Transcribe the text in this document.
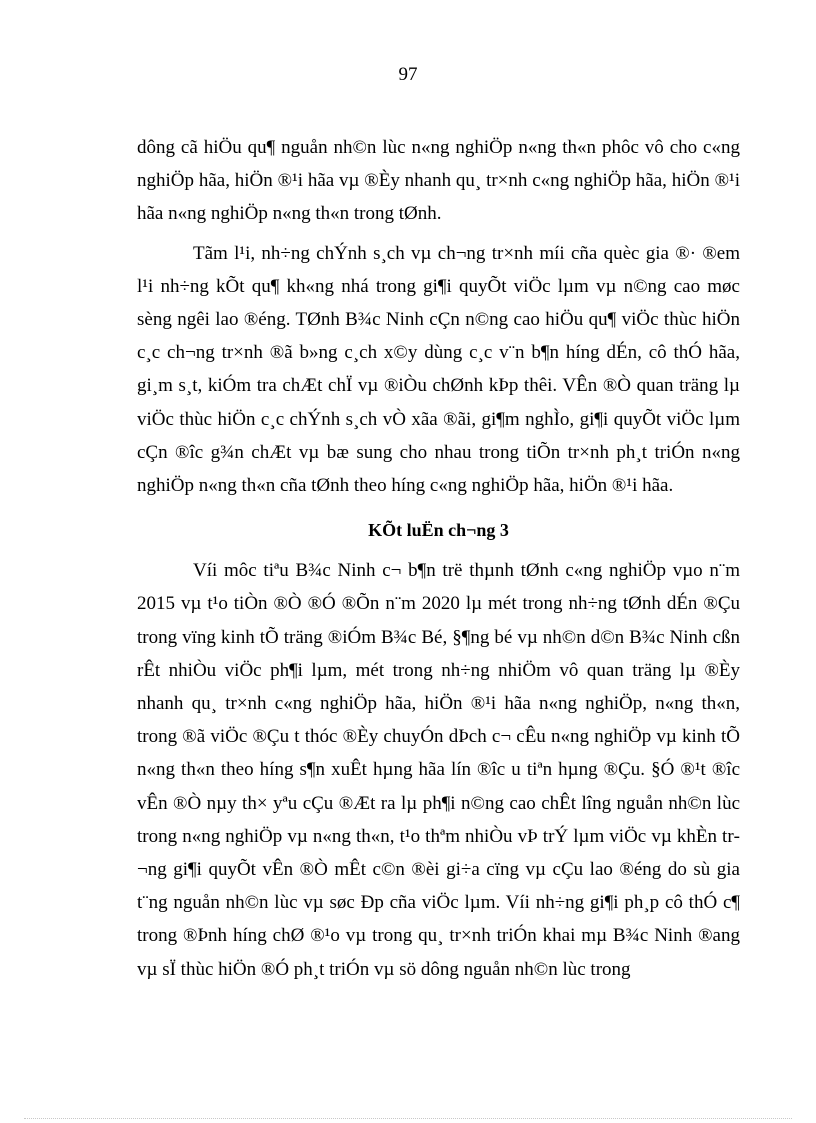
97

dông cã hiÖu qu¶ nguån nh©n lùc n«ng nghiÖp n«ng th«n phôc vô cho c«ng nghiÖp hãa, hiÖn ®¹i hãa vµ ®Èy nhanh qu¸ tr×nh c«ng nghiÖp hãa, hiÖn ®¹i hãa n«ng nghiÖp n«ng th«n trong tØnh.

Tãm l¹i, nh÷ng chÝnh s¸ch vµ ch¬ng tr×nh míi cña quèc gia ®· ®em l¹i nh÷ng kÕt qu¶ kh«ng nhá trong gi¶i quyÕt viÖc lµm vµ n©ng cao møc sèng ngêi lao ®éng. TØnh B¾c Ninh cÇn n©ng cao hiÖu qu¶ viÖc thùc hiÖn c¸c ch¬ng tr×nh ®ã b»ng c¸ch x©y dùng c¸c v¨n b¶n híng dÉn, cô thÓ hãa, gi¸m s¸t, kiÓm tra chÆt chÏ vµ ®iÒu chØnh kÞp thêi. VÊn ®Ò quan träng lµ viÖc thùc hiÖn c¸c chÝnh s¸ch vÒ xãa ®ãi, gi¶m nghÌo, gi¶i quyÕt viÖc lµm cÇn ®îc g¾n chÆt vµ bæ sung cho nhau trong tiÕn tr×nh ph¸t triÓn n«ng nghiÖp n«ng th«n cña tØnh theo híng c«ng nghiÖp hãa, hiÖn ®¹i hãa.

KÕt luËn ch¬ng 3

Víi môc tiªu B¾c Ninh c¬ b¶n trë thµnh tØnh c«ng nghiÖp vµo n¨m 2015 vµ t¹o tiÒn ®Ò ®Ó ®Õn n¨m 2020 lµ mét trong nh÷ng tØnh dÉn ®Çu trong vïng kinh tÕ träng ®iÓm B¾c Bé, §¶ng bé vµ nh©n d©n B¾c Ninh cßn rÊt nhiÒu viÖc ph¶i lµm, mét trong nh÷ng nhiÖm vô quan träng lµ ®Èy nhanh qu¸ tr×nh c«ng nghiÖp hãa, hiÖn ®¹i hãa n«ng nghiÖp, n«ng th«n, trong ®ã viÖc ®Çu t thóc ®Èy chuyÓn dÞch c¬ cÊu n«ng nghiÖp vµ kinh tÕ n«ng th«n theo híng s¶n xuÊt hµng hãa lín ®îc u tiªn hµng ®Çu. §Ó ®¹t ®îc vÊn ®Ò nµy th× yªu cÇu ®Æt ra lµ ph¶i n©ng cao chÊt lîng nguån nh©n lùc trong n«ng nghiÖp vµ n«ng th«n, t¹o thªm nhiÒu vÞ trÝ lµm viÖc vµ khÈn tr¬ng gi¶i quyÕt vÊn ®Ò mÊt c©n ®èi gi÷a cïng vµ cÇu lao ®éng do sù gia t¨ng nguån nh©n lùc vµ søc Ðp cña viÖc lµm. Víi nh÷ng gi¶i ph¸p cô thÓ c¶ trong ®Þnh híng chØ ®¹o vµ trong qu¸ tr×nh triÓn khai mµ B¾c Ninh ®ang vµ sÏ thùc hiÖn ®Ó ph¸t triÓn vµ sö dông nguån nh©n lùc trong
